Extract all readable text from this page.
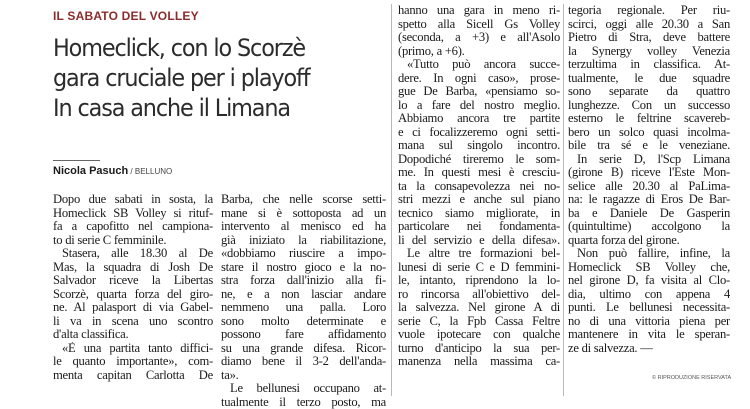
IL SABATO DEL VOLLEY
Homeclick, con lo Scorzè
gara cruciale per i playoff
In casa anche il Limana
Nicola Pasuch / BELLUNO
Dopo due sabati in sosta, la
Homeclick SB Volley si rituf-
fa a capofitto nel campiona-
to di serie C femminile.
Stasera, alle 18.30 al De
Mas, la squadra di Josh De
Salvador riceve la Libertas
Scorzè, quarta forza del giro-
ne. Al palasport di via Gabel-
li va in scena uno scontro
d'alta classifica.
«È una partita tanto diffici-
le quanto importante», com-
menta capitan Carlotta De
Barba, che nelle scorse setti-
mane si è sottoposta ad un
intervento al menisco ed ha
già iniziato la riabilitazione,
«dobbiamo riuscire a impo-
stare il nostro gioco e la no-
stra forza dall'inizio alla fi-
ne, e a non lasciar andare
nemmeno una palla. Loro
sono molto determinate e
possono fare affidamento
su una grande difesa. Ricor-
diamo bene il 3-2 dell'anda-
ta».
Le bellunesi occupano at-
tualmente il terzo posto, ma
hanno una gara in meno ri-
spetto alla Sicell Gs Volley
(seconda, a +3) e all'Asolo
(primo, a +6).
«Tutto può ancora succe-
dere. In ogni caso», prose-
gue De Barba, «pensiamo so-
lo a fare del nostro meglio.
Abbiamo ancora tre partite
e ci focalizzeremo ogni setti-
mana sul singolo incontro.
Dopodiché tireremo le som-
me. In questi mesi è cresciu-
ta la consapevolezza nei no-
stri mezzi e anche sul piano
tecnico siamo migliorate, in
particolare nei fondamenta-
li del servizio e della difesa».
Le altre tre formazioni bel-
lunesi di serie C e D femmini-
le, intanto, riprendono la lo-
ro rincorsa all'obiettivo del-
la salvezza. Nel girone A di
serie C, la Fpb Cassa Feltre
vuole ipotecare con qualche
turno d'anticipo la sua per-
manenza nella massima ca-
tegoria regionale. Per riu-
scirci, oggi alle 20.30 a San
Pietro di Stra, deve battere
la Synergy volley Venezia
terzultima in classifica. At-
tualmente, le due squadre
sono separate da quattro
lunghezze. Con un successo
esterno le feltrine scavereb-
bero un solco quasi incolma-
bile tra sé e le veneziane.
In serie D, l'Scp Limana
(girone B) riceve l'Este Mon-
selice alle 20.30 al PaLima-
na: le ragazze di Eros De Bar-
ba e Daniele De Gasperin
(quintultime) accolgono la
quarta forza del girone.
Non può fallire, infine, la
Homeclick SB Volley che,
nel girone D, fa visita al Clo-
dia, ultimo con appena 4
punti. Le bellunesi necessita-
no di una vittoria piena per
mantenere in vita le speran-
ze di salvezza. —
© RIPRODUZIONE RISERVATA
